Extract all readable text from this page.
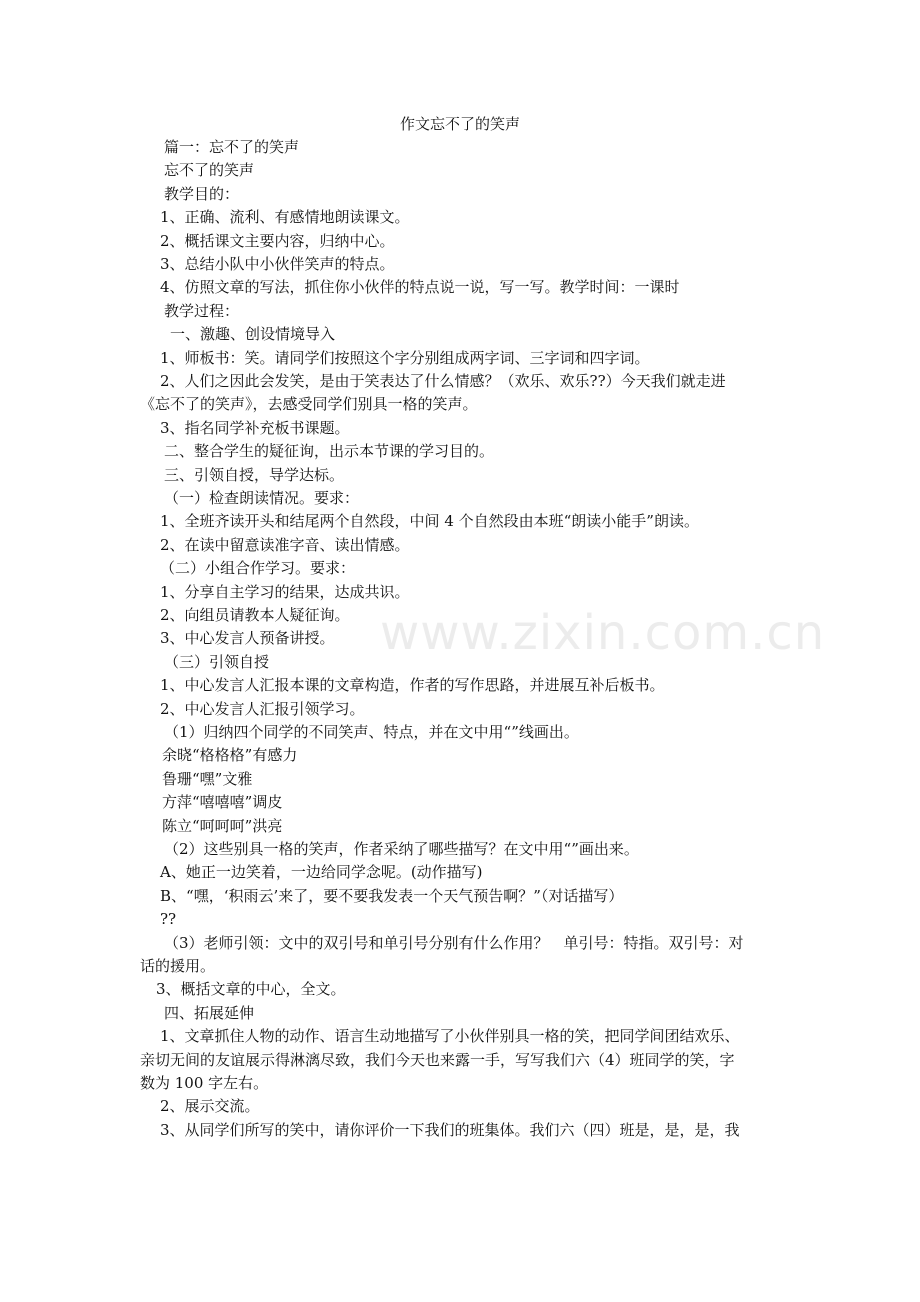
www.zixin.com.cn
作文忘不了的笑声
篇一：忘不了的笑声
忘不了的笑声
教学目的：
1、正确、流利、有感情地朗读课文。
2、概括课文主要内容，归纳中心。
3、总结小队中小伙伴笑声的特点。
4、仿照文章的写法，抓住你小伙伴的特点说一说，写一写。教学时间：一课时
教学过程：
一、激趣、创设情境导入
1、师板书：笑。请同学们按照这个字分别组成两字词、三字词和四字词。
2、人们之因此会发笑，是由于笑表达了什么情感？（欢乐、欢乐??）今天我们就走进
《忘不了的笑声》，去感受同学们别具一格的笑声。
3、指名同学补充板书课题。
二、整合学生的疑征询，出示本节课的学习目的。
三、引领自授，导学达标。
（一）检查朗读情况。要求：
1、全班齐读开头和结尾两个自然段，中间 4 个自然段由本班“朗读小能手”朗读。
2、在读中留意读准字音、读出情感。
（二）小组合作学习。要求：
1、分享自主学习的结果，达成共识。
2、向组员请教本人疑征询。
3、中心发言人预备讲授。
（三）引领自授
1、中心发言人汇报本课的文章构造，作者的写作思路，并进展互补后板书。
2、中心发言人汇报引领学习。
（1）归纳四个同学的不同笑声、特点，并在文中用“”线画出。
余晓“格格格”有感力
鲁珊“嘿”文雅
方萍“嘻嘻嘻”调皮
陈立“呵呵呵”洪亮
（2）这些别具一格的笑声，作者采纳了哪些描写？在文中用“”画出来。
A、她正一边笑着，一边给同学念呢。(动作描写)
B、“嘿，‘积雨云’来了，要不要我发表一个天气预告啊？”（对话描写）
??
（3）老师引领：文中的双引号和单引号分别有什么作用？　单引号：特指。双引号：对
话的援用。
3、概括文章的中心，全文。
四、拓展延伸
1、文章抓住人物的动作、语言生动地描写了小伙伴别具一格的笑，把同学间团结欢乐、
亲切无间的友谊展示得淋漓尽致，我们今天也来露一手，写写我们六（4）班同学的笑，字
数为 100 字左右。
2、展示交流。
3、从同学们所写的笑中，请你评价一下我们的班集体。我们六（四）班是，是，是，我
